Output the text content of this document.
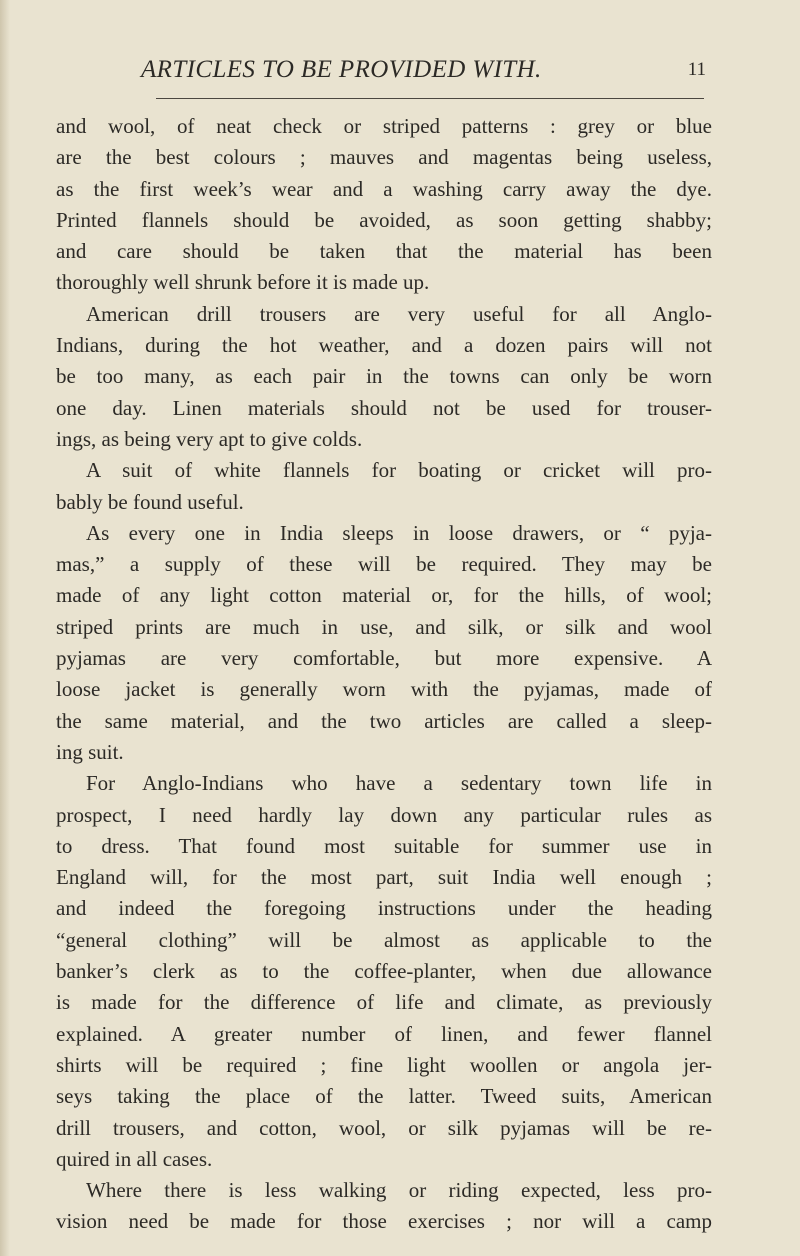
ARTICLES TO BE PROVIDED WITH.	11
and wool, of neat check or striped patterns : grey or blue
are the best colours ; mauves and magentas being useless,
as the first week’s wear and a washing carry away the dye.
Printed flannels should be avoided, as soon getting shabby;
and care should be taken that the material has been
thoroughly well shrunk before it is made up.
American drill trousers are very useful for all Anglo-
Indians, during the hot weather, and a dozen pairs will not
be too many, as each pair in the towns can only be worn
one day. Linen materials should not be used for trouser-
ings, as being very apt to give colds.
A suit of white flannels for boating or cricket will pro-
bably be found useful.
As every one in India sleeps in loose drawers, or “ pyja-
mas,” a supply of these will be required. They may be
made of any light cotton material or, for the hills, of wool;
striped prints are much in use, and silk, or silk and wool
pyjamas are very comfortable, but more expensive. A
loose jacket is generally worn with the pyjamas, made of
the same material, and the two articles are called a sleep-
ing suit.
For Anglo-Indians who have a sedentary town life in
prospect, I need hardly lay down any particular rules as
to dress. That found most suitable for summer use in
England will, for the most part, suit India well enough ;
and indeed the foregoing instructions under the heading
“general clothing” will be almost as applicable to the
banker’s clerk as to the coffee-planter, when due allowance
is made for the difference of life and climate, as previously
explained. A greater number of linen, and fewer flannel
shirts will be required ; fine light woollen or angola jer-
seys taking the place of the latter. Tweed suits, American
drill trousers, and cotton, wool, or silk pyjamas will be re-
quired in all cases.
Where there is less walking or riding expected, less pro-
vision need be made for those exercises ; nor will a camp
